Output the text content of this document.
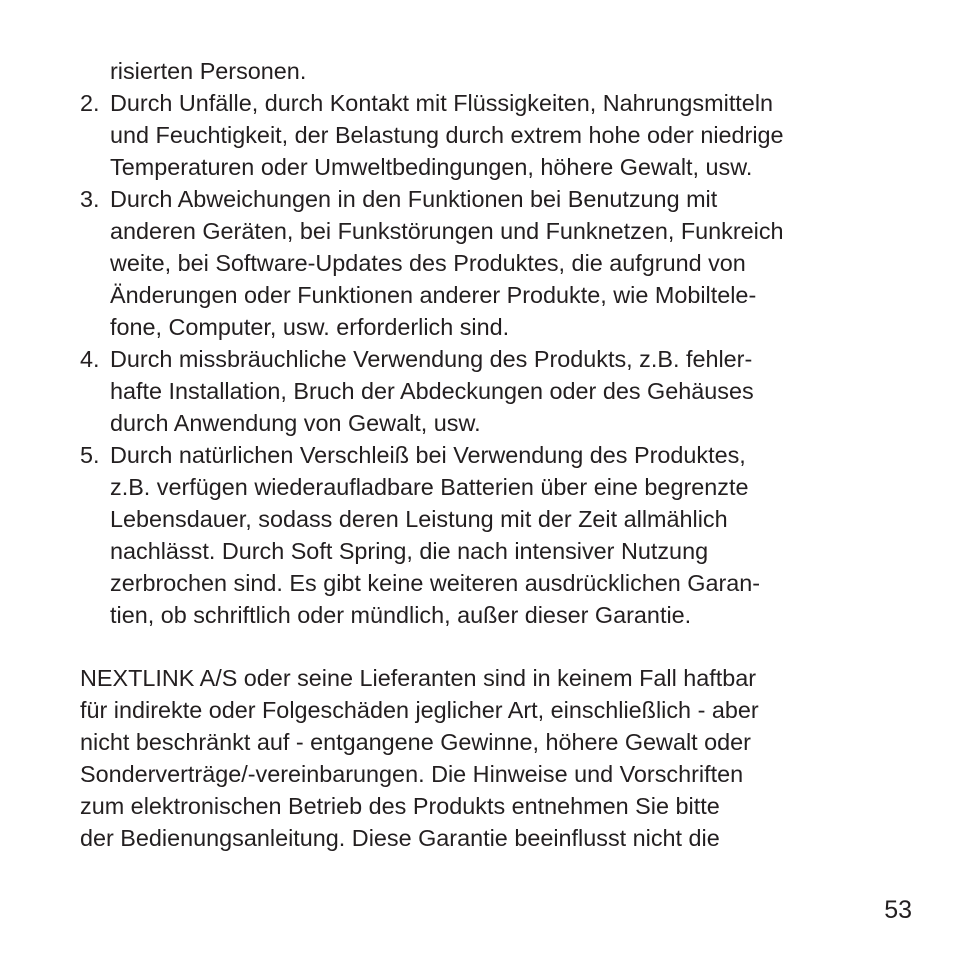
risierten Personen.
2. Durch Unfälle, durch Kontakt mit Flüssigkeiten, Nahrungsmitteln
und Feuchtigkeit, der Belastung durch extrem hohe oder niedrige
Temperaturen oder Umweltbedingungen, höhere Gewalt, usw.
3. Durch Abweichungen in den Funktionen bei Benutzung mit
anderen Geräten, bei Funkstörungen und Funknetzen, Funkreich
weite, bei Software-Updates des Produktes, die aufgrund von
Änderungen oder Funktionen anderer Produkte, wie Mobiltele-
fone, Computer, usw. erforderlich sind.
4. Durch missbräuchliche Verwendung des Produkts, z.B. fehler-
hafte Installation, Bruch der Abdeckungen oder des Gehäuses
durch Anwendung von Gewalt, usw.
5. Durch natürlichen Verschleiß bei Verwendung des Produktes,
z.B. verfügen wiederaufladbare Batterien über eine begrenzte
Lebensdauer, sodass deren Leistung mit der Zeit allmählich
nachlässt. Durch Soft Spring, die nach intensiver Nutzung
zerbrochen sind. Es gibt keine weiteren ausdrücklichen Garan-
tien, ob schriftlich oder mündlich, außer dieser Garantie.
NEXTLINK A/S oder seine Lieferanten sind in keinem Fall haftbar
für indirekte oder Folgeschäden jeglicher Art, einschließlich - aber
nicht beschränkt auf - entgangene Gewinne, höhere Gewalt oder
Sonderverträge/-vereinbarungen. Die Hinweise und Vorschriften
zum elektronischen Betrieb des Produkts entnehmen Sie bitte
der Bedienungsanleitung. Diese Garantie beeinflusst nicht die
53
